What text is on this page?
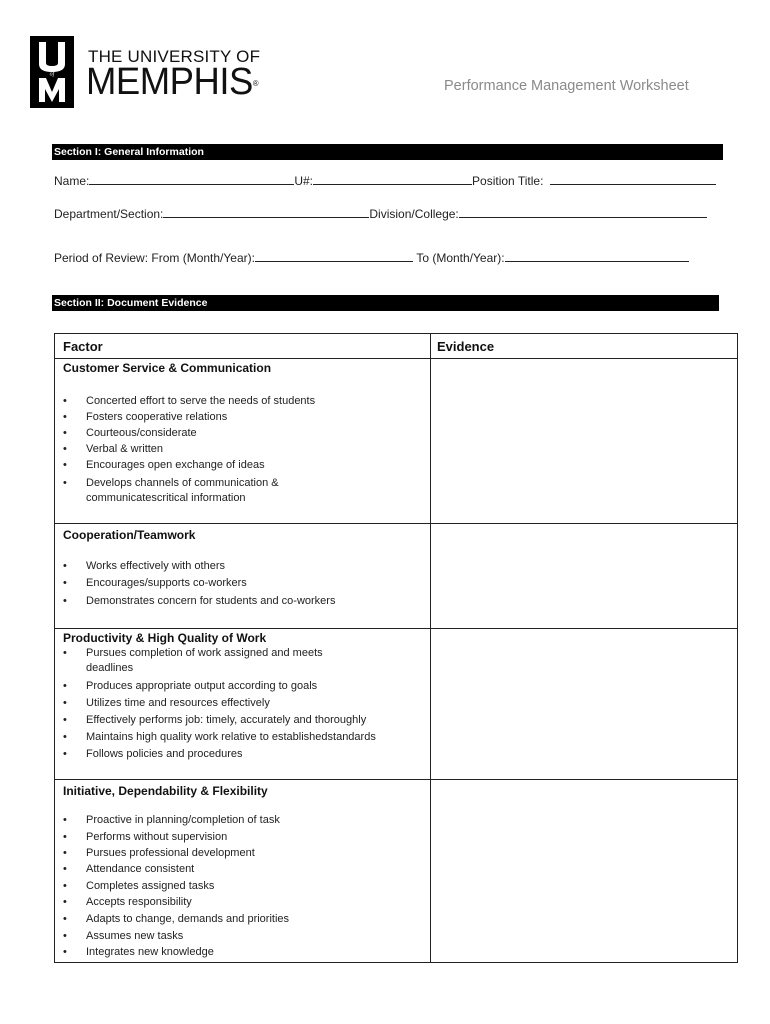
of
THE UNIVERSITY OF
MEMPHIS®	Performance Management Worksheet
Section I: General Information
Name:	U#:	Position Title:
Department/Section:	Division/College:
Period of Review: From (Month/Year):	To (Month/Year):
Section II: Document Evidence
Factor	Evidence
Customer Service & Communication
• Concerted effort to serve the needs of students
• Fosters cooperative relations
• Courteous/considerate
• Verbal & written
• Encourages open exchange of ideas
• Develops channels of communication & communicatescritical information
Cooperation/Teamwork
• Works effectively with others
• Encourages/supports co-workers
• Demonstrates concern for students and co-workers
Productivity & High Quality of Work
• Pursues completion of work assigned and meets deadlines
• Produces appropriate output according to goals
• Utilizes time and resources effectively
• Effectively performs job: timely, accurately and thoroughly
• Maintains high quality work relative to establishedstandards
• Follows policies and procedures
Initiative, Dependability & Flexibility
• Proactive in planning/completion of task
• Performs without supervision
• Pursues professional development
• Attendance consistent
• Completes assigned tasks
• Accepts responsibility
• Adapts to change, demands and priorities
• Assumes new tasks
• Integrates new knowledge
